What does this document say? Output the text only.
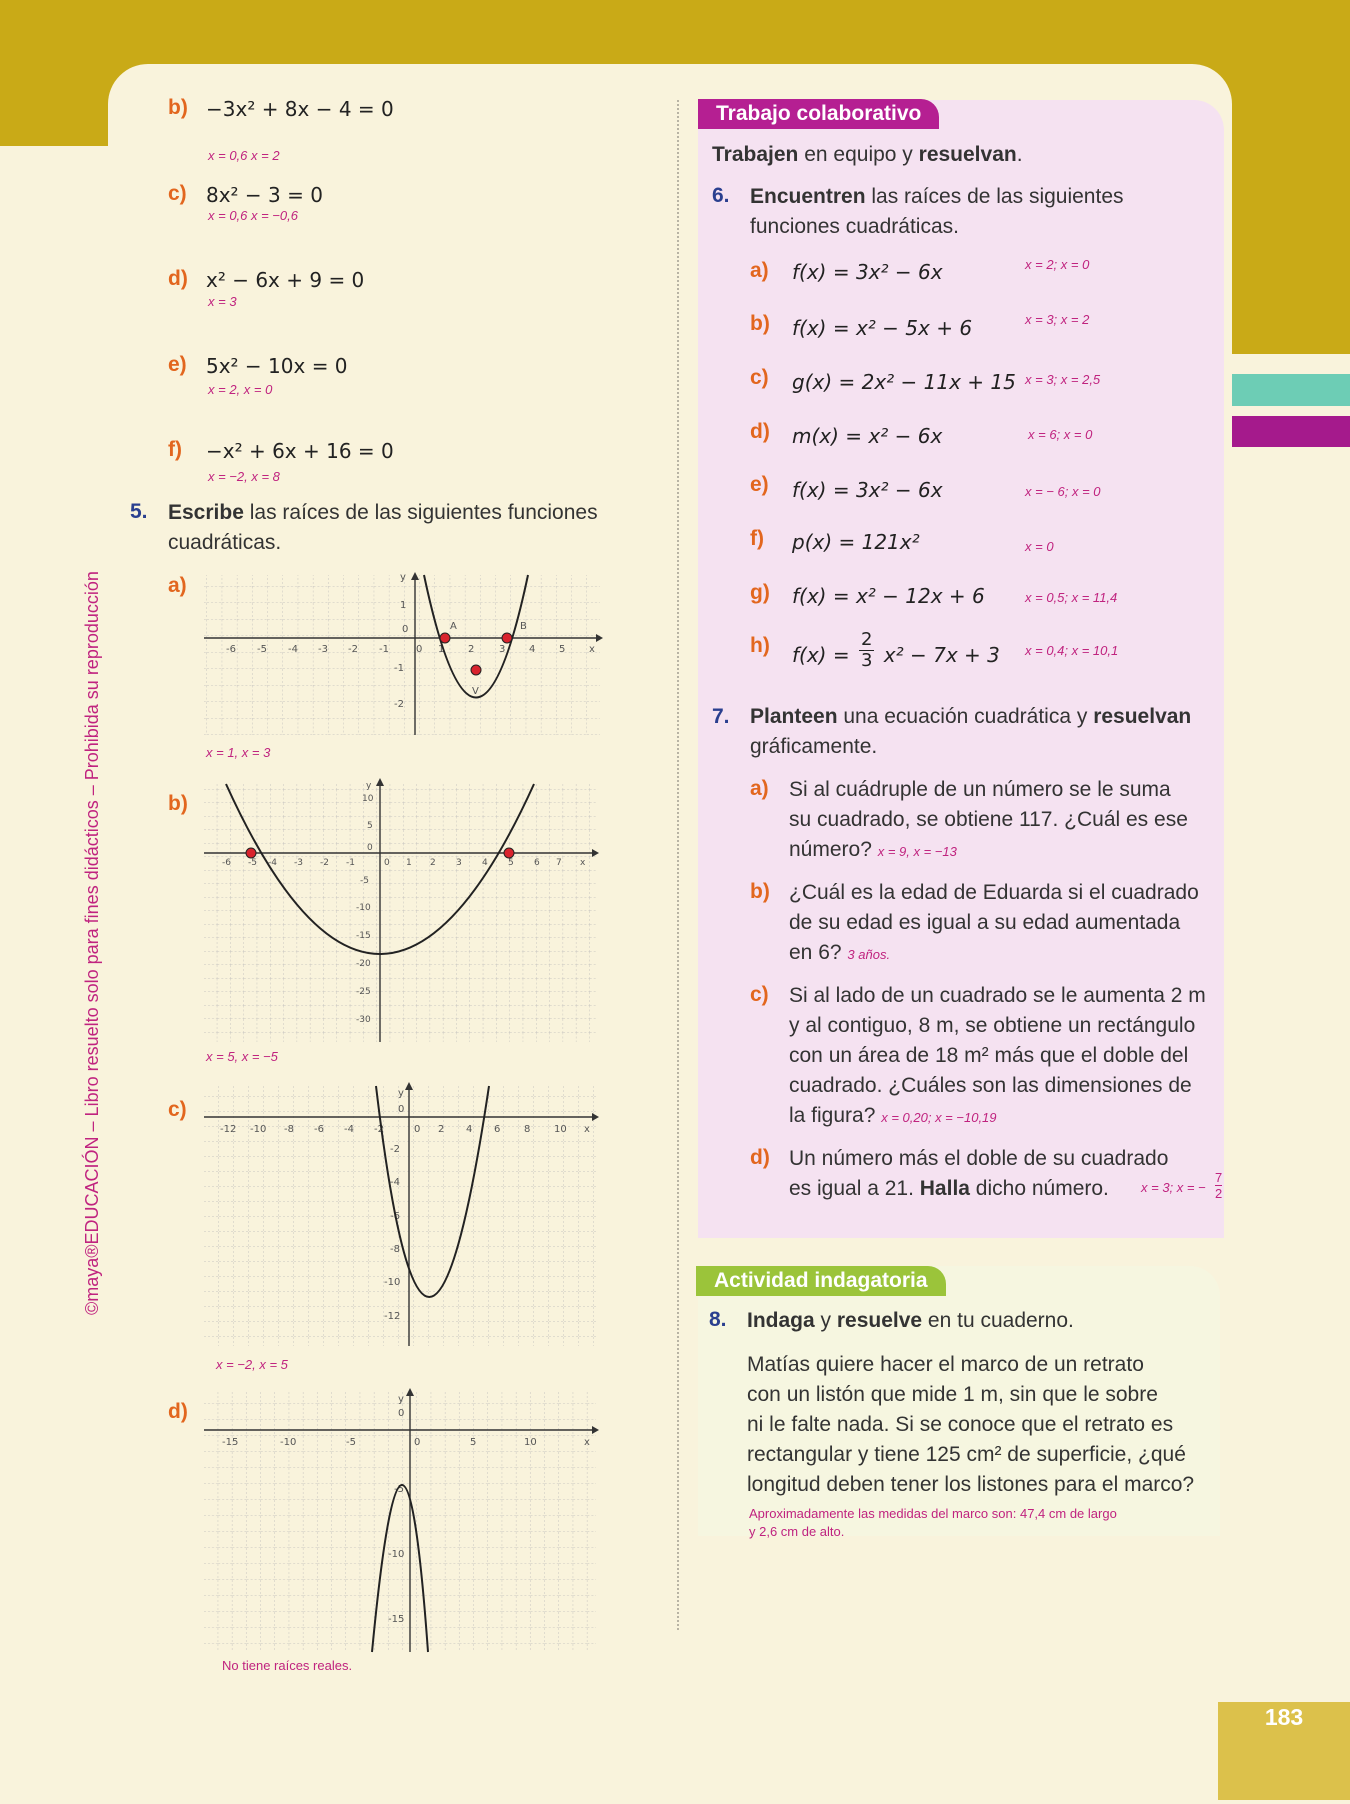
©maya®EDUCACIÓN – Libro resuelto solo para fines didácticos – Prohibida su reproducción
b) −3x² + 8x − 4 = 0
x = 0,6 x = 2
c) 8x² − 3 = 0
x = 0,6 x = −0,6
d) x² − 6x + 9 = 0
x = 3
e) 5x² − 10x = 0
x = 2, x = 0
f) −x² + 6x + 16 = 0
x = −2, x = 8
5. Escribe las raíces de las siguientes funciones
cuadráticas.
a)
b)
c)
d)
-6 -5 -4 -3 -2 -1	0 1 2 3 4 5 x
y
1
0
-1
-2
A	B
V
x = 1, x = 3
-6 -5 -4 -3 -2 -1	0 1 2 3 4 5 6 7 x
y
10
5
0
-5
-10
-15
-20
-25
-30
x = 5, x = −5
-12 -10 -8 -6 -4 -2	0 2 4 6 8 10 x
y
0
-2
-4
-6
-8
-10
-12
x = −2, x = 5
-15	-10	-5	0	5	10	x
y
0
-5
-10
-15
No tiene raíces reales.
Trabajo colaborativo
Trabajen en equipo y resuelvan.
6. Encuentren las raíces de las siguientes
funciones cuadráticas.
a) f(x) = 3x² − 6x	x = 2; x = 0
b) f(x) = x² − 5x + 6	x = 3; x = 2
c) g(x) = 2x² − 11x + 15 x = 3; x = 2,5
d) m(x) = x² − 6x	x = 6; x = 0
e) f(x) = 3x² − 6x	x = − 6; x = 0
f) p(x) = 121x²	x = 0
g) f(x) = x² − 12x + 6	x = 0,5; x = 11,4
h) $f(x) = \frac{2}{3} x^2 - 7x + 3$ x = 0,4; x = 10,1
7. Planteen una ecuación cuadrática y resuelvan
gráficamente.
a) Si al cuádruple de un número se le suma
su cuadrado, se obtiene 117. ¿Cuál es ese
número? x = 9, x = −13
b) ¿Cuál es la edad de Eduarda si el cuadrado
de su edad es igual a su edad aumentada
en 6? 3 años.
c) Si al lado de un cuadrado se le aumenta 2 m
y al contiguo, 8 m, se obtiene un rectángulo
con un área de 18 m² más que el doble del
cuadrado. ¿Cuáles son las dimensiones de
la figura? x = 0,20; x = −10,19
d) Un número más el doble de su cuadrado
es igual a 21. Halla dicho número.	x = 3; x = −
7
2
Actividad indagatoria
8. Indaga y resuelve en tu cuaderno.
Matías quiere hacer el marco de un retrato
con un listón que mide 1 m, sin que le sobre
ni le falte nada. Si se conoce que el retrato es
rectangular y tiene 125 cm² de superficie, ¿qué
longitud deben tener los listones para el marco?
Aproximadamente las medidas del marco son: 47,4 cm de largo
y 2,6 cm de alto.
183
